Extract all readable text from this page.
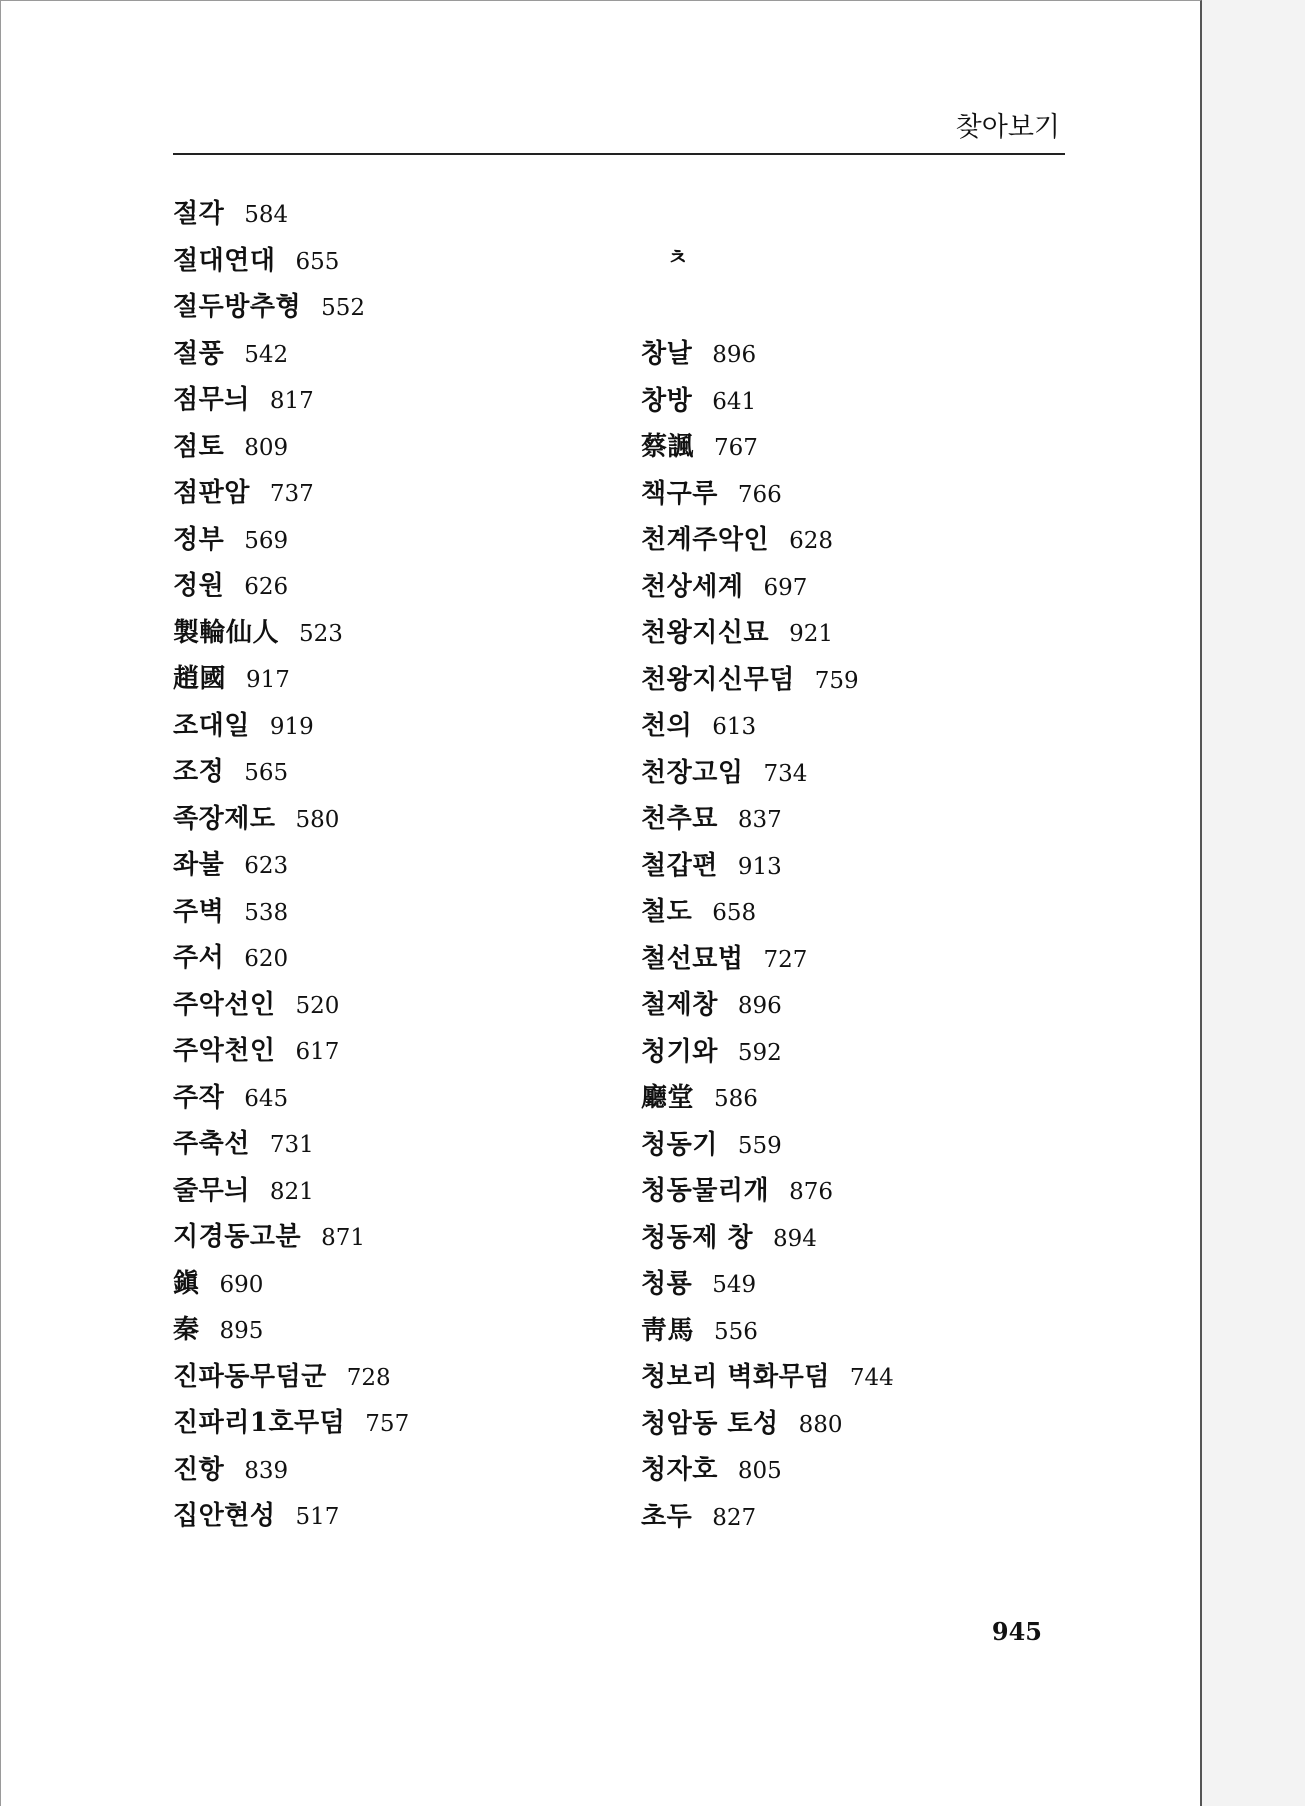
찾아보기
절각 584
절대연대 655
절두방추형 552
절풍 542
점무늬 817
점토 809
점판암 737
정부 569
정원 626
製輪仙人 523
趙國 917
조대일 919
조정 565
족장제도 580
좌불 623
주벽 538
주서 620
주악선인 520
주악천인 617
주작 645
주축선 731
줄무늬 821
지경동고분 871
鎭 690
秦 895
진파동무덤군 728
진파리1호무덤 757
진항 839
집안현성 517
ㅊ
창날 896
창방 641
蔡諷 767
책구루 766
천계주악인 628
천상세계 697
천왕지신묘 921
천왕지신무덤 759
천의 613
천장고임 734
천추묘 837
철갑편 913
철도 658
철선묘법 727
철제창 896
청기와 592
廳堂 586
청동기 559
청동물리개 876
청동제 창 894
청룡 549
靑馬 556
청보리 벽화무덤 744
청암동 토성 880
청자호 805
초두 827
945
